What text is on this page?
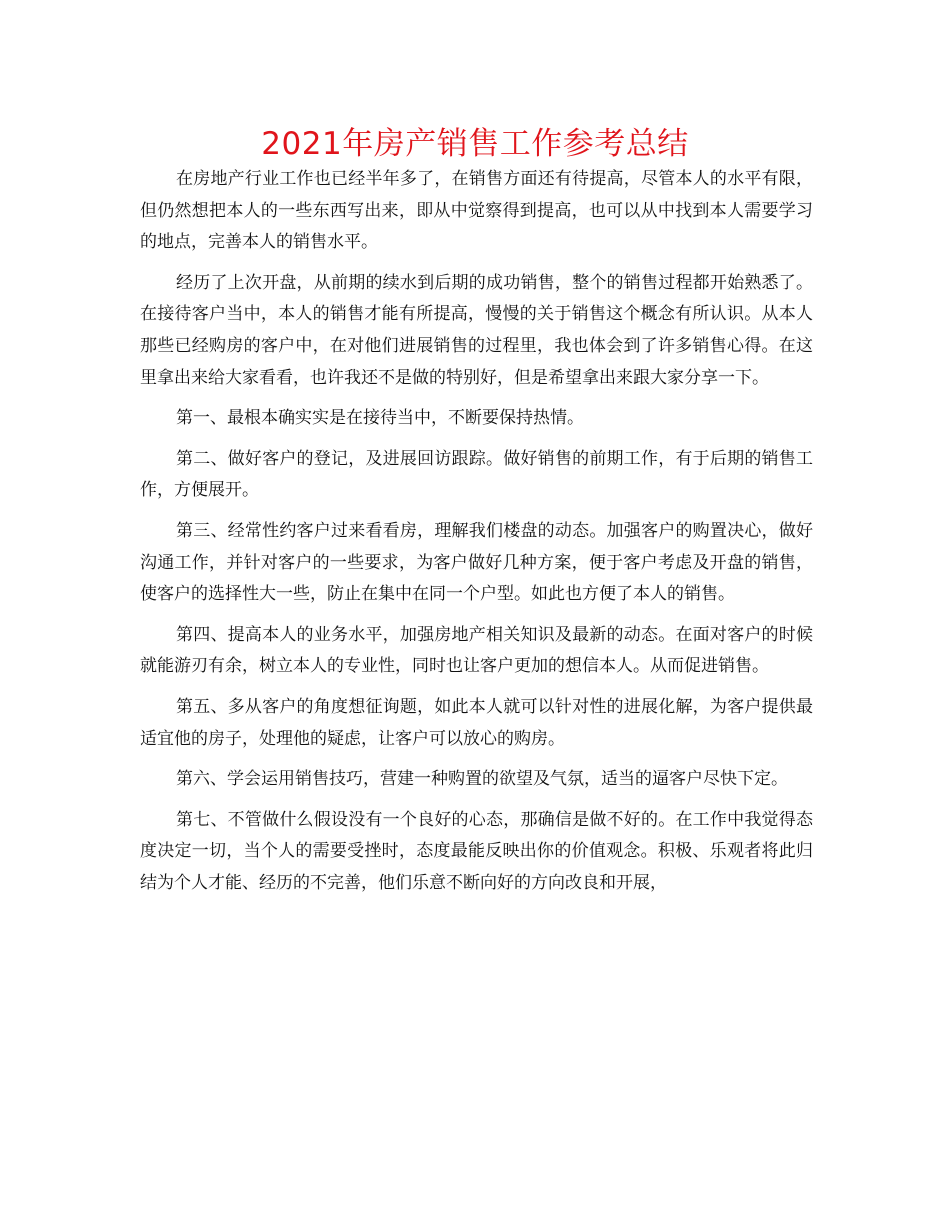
2021年房产销售工作参考总结

在房地产行业工作也已经半年多了，在销售方面还有待提高，尽管本人的水平有限，但仍然想把本人的一些东西写出来，即从中觉察得到提高，也可以从中找到本人需要学习的地点，完善本人的销售水平。

经历了上次开盘，从前期的续水到后期的成功销售，整个的销售过程都开始熟悉了。在接待客户当中，本人的销售才能有所提高，慢慢的关于销售这个概念有所认识。从本人那些已经购房的客户中，在对他们进展销售的过程里，我也体会到了许多销售心得。在这里拿出来给大家看看，也许我还不是做的特别好，但是希望拿出来跟大家分享一下。

第一、最根本确实实是在接待当中，不断要保持热情。

第二、做好客户的登记，及进展回访跟踪。做好销售的前期工作，有于后期的销售工作，方便展开。

第三、经常性约客户过来看看房，理解我们楼盘的动态。加强客户的购置决心，做好沟通工作，并针对客户的一些要求，为客户做好几种方案，便于客户考虑及开盘的销售，使客户的选择性大一些，防止在集中在同一个户型。如此也方便了本人的销售。

第四、提高本人的业务水平，加强房地产相关知识及最新的动态。在面对客户的时候就能游刃有余，树立本人的专业性，同时也让客户更加的想信本人。从而促进销售。

第五、多从客户的角度想征询题，如此本人就可以针对性的进展化解，为客户提供最适宜他的房子，处理他的疑虑，让客户可以放心的购房。

第六、学会运用销售技巧，营建一种购置的欲望及气氛，适当的逼客户尽快下定。

第七、不管做什么假设没有一个良好的心态，那确信是做不好的。在工作中我觉得态度决定一切，当个人的需要受挫时，态度最能反映出你的价值观念。积极、乐观者将此归结为个人才能、经历的不完善，他们乐意不断向好的方向改良和开展，
